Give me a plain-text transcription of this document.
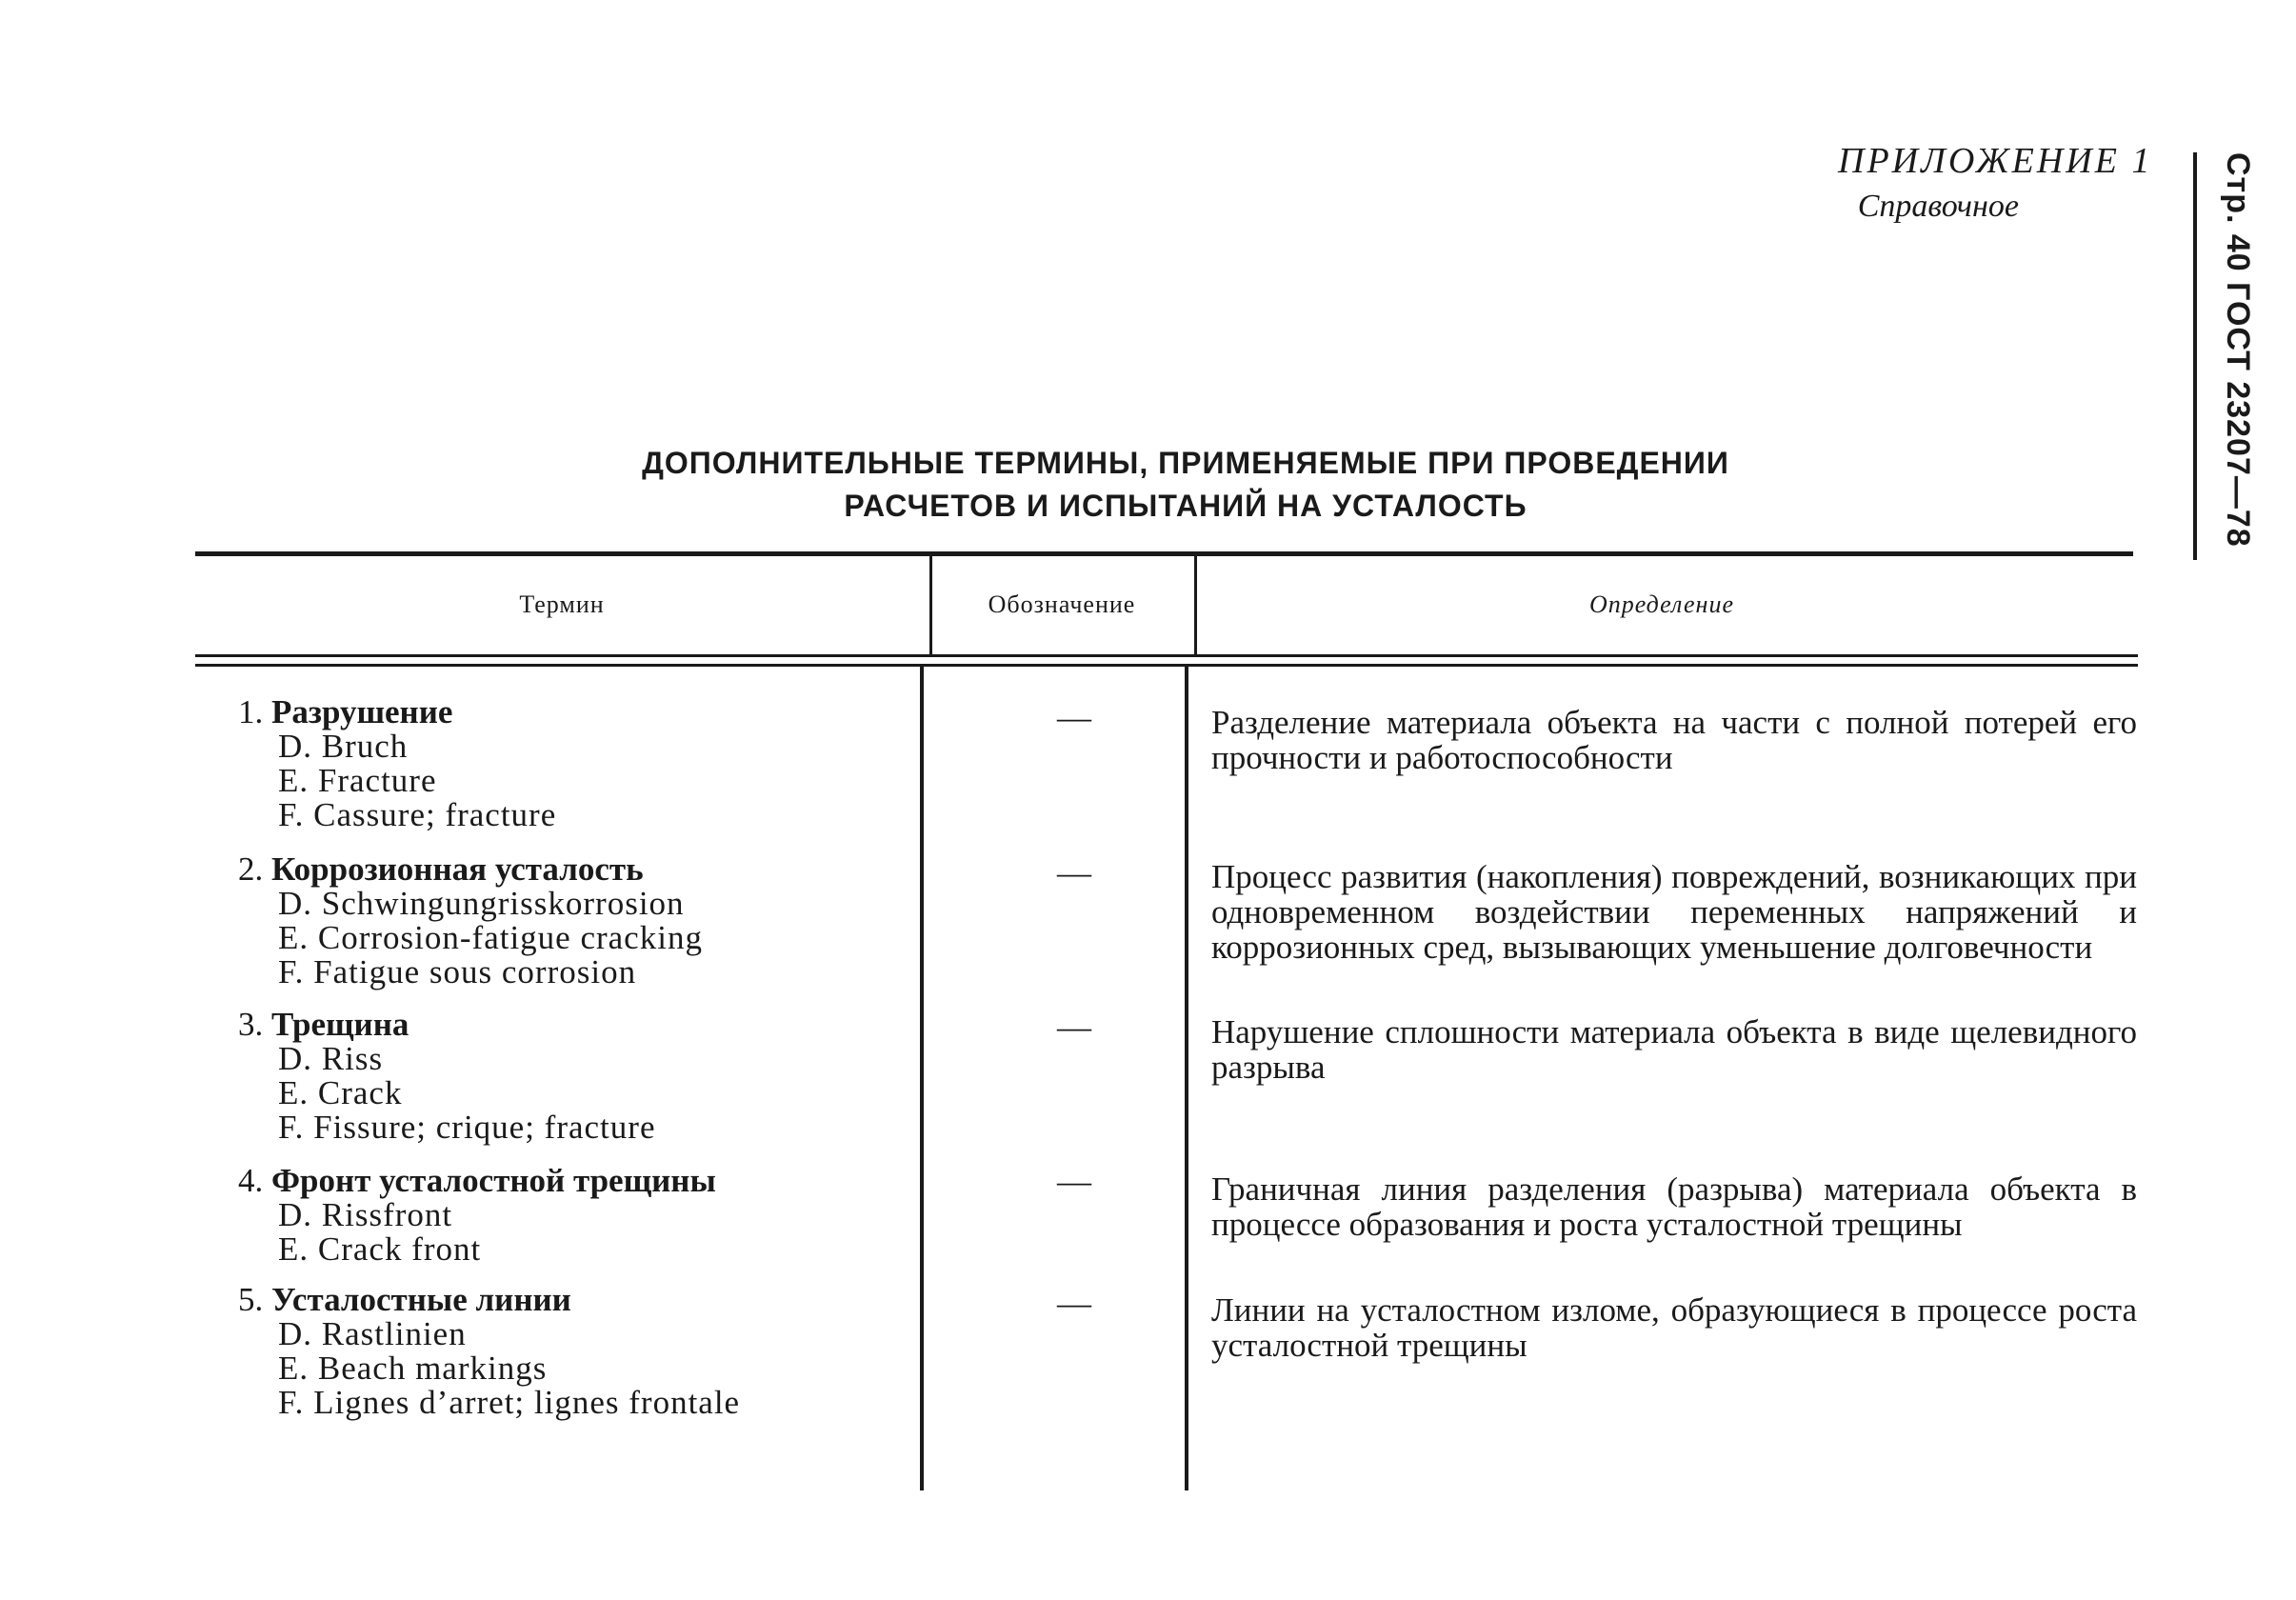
ПРИЛОЖЕНИЕ 1
Справочное	Стр. 40 ГОСТ 23207—78
ДОПОЛНИТЕЛЬНЫЕ ТЕРМИНЫ, ПРИМЕНЯЕМЫЕ ПРИ ПРОВЕДЕНИИ
РАСЧЕТОВ И ИСПЫТАНИЙ НА УСТАЛОСТЬ
Термин	Обозначение	Определение
1. Разрушение
D. Bruch
E. Fracture
F. Cassure; fracture
—	Разделение материала объекта на части с полной потерей его прочности и работоспособности

2. Коррозионная усталость
D. Schwingungrisskorrosion
E. Corrosion-fatigue cracking
F. Fatigue sous corrosion
—	Процесс развития (накопления) повреждений, возникающих при одновременном воздействии переменных напряжений и коррозионных сред, вызывающих уменьшение долговечности

3. Трещина
D. Riss
E. Crack
F. Fissure; crique; fracture
—	Нарушение сплошности материала объекта в виде щелевидного разрыва

4. Фронт усталостной трещины
D. Rissfront
E. Crack front
—	Граничная линия разделения (разрыва) материала объекта в процессе образования и роста усталостной трещины

5. Усталостные линии
D. Rastlinien
E. Beach markings
F. Lignes d’arret; lignes frontale
—	Линии на усталостном изломе, образующиеся в процессе роста усталостной трещины
